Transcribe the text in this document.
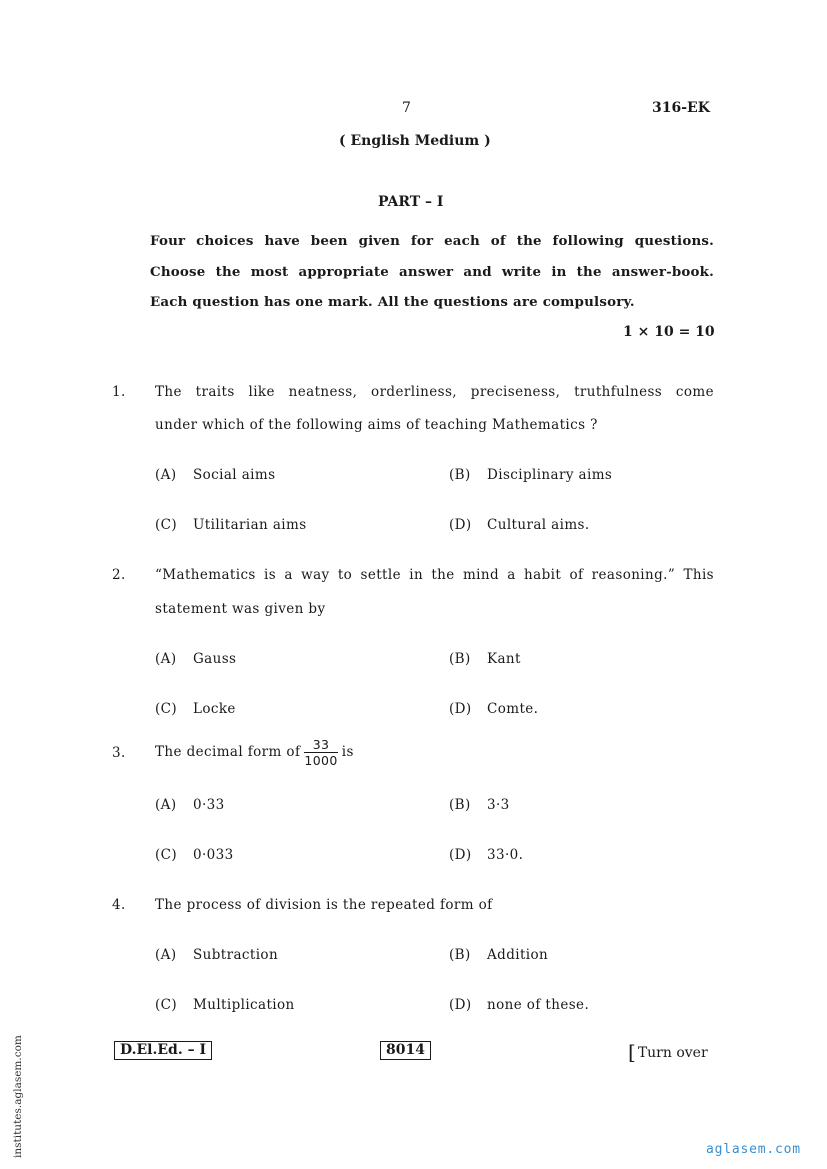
7	316-EK
( English Medium )
PART – I
Four choices have been given for each of the following questions.
Choose the most appropriate answer and write in the answer-book.
Each question has one mark. All the questions are compulsory.
1 × 10 = 10
1. The traits like neatness, orderliness, preciseness, truthfulness come
under which of the following aims of teaching Mathematics ?
(A) Social aims	(B) Disciplinary aims
(C) Utilitarian aims	(D) Cultural aims.
2. “Mathematics is a way to settle in the mind a habit of reasoning.” This
statement was given by
(A) Gauss	(B) Kant
(C) Locke	(D) Comte.
3. The decimal form of $\frac{33}{1000}$ is
(A) 0·33	(B) 3·3
(C) 0·033	(D) 33·0.
4. The process of division is the repeated form of
(A) Subtraction	(B) Addition
(C) Multiplication	(D) none of these.
D.El.Ed. – I	8014	[ Turn over
institutes.aglasem.com	aglasem.com
